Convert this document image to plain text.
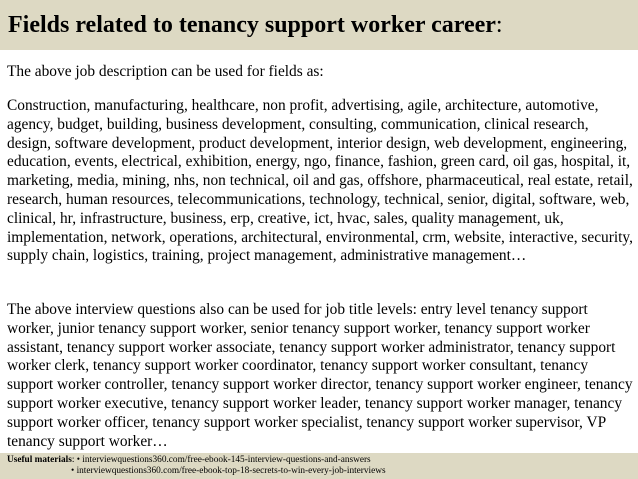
Fields related to tenancy support worker career:

The above job description can be used for fields as:

Construction, manufacturing, healthcare, non profit, advertising, agile, architecture, automotive, agency, budget, building, business development, consulting, communication, clinical research, design, software development, product development, interior design, web development, engineering, education, events, electrical, exhibition, energy, ngo, finance, fashion, green card, oil gas, hospital, it, marketing, media, mining, nhs, non technical, oil and gas, offshore, pharmaceutical, real estate, retail, research, human resources, telecommunications, technology, technical, senior, digital, software, web, clinical, hr, infrastructure, business, erp, creative, ict, hvac, sales, quality management, uk, implementation, network, operations, architectural, environmental, crm, website, interactive, security, supply chain, logistics, training, project management, administrative management…

The above interview questions also can be used for job title levels: entry level tenancy support worker, junior tenancy support worker, senior tenancy support worker, tenancy support worker assistant, tenancy support worker associate, tenancy support worker administrator, tenancy support worker clerk, tenancy support worker coordinator, tenancy support worker consultant, tenancy support worker controller, tenancy support worker director, tenancy support worker engineer, tenancy support worker executive, tenancy support worker leader, tenancy support worker manager, tenancy support worker officer, tenancy support worker specialist, tenancy support worker supervisor, VP tenancy support worker…

Useful materials: • interviewquestions360.com/free-ebook-145-interview-questions-and-answers
• interviewquestions360.com/free-ebook-top-18-secrets-to-win-every-job-interviews
